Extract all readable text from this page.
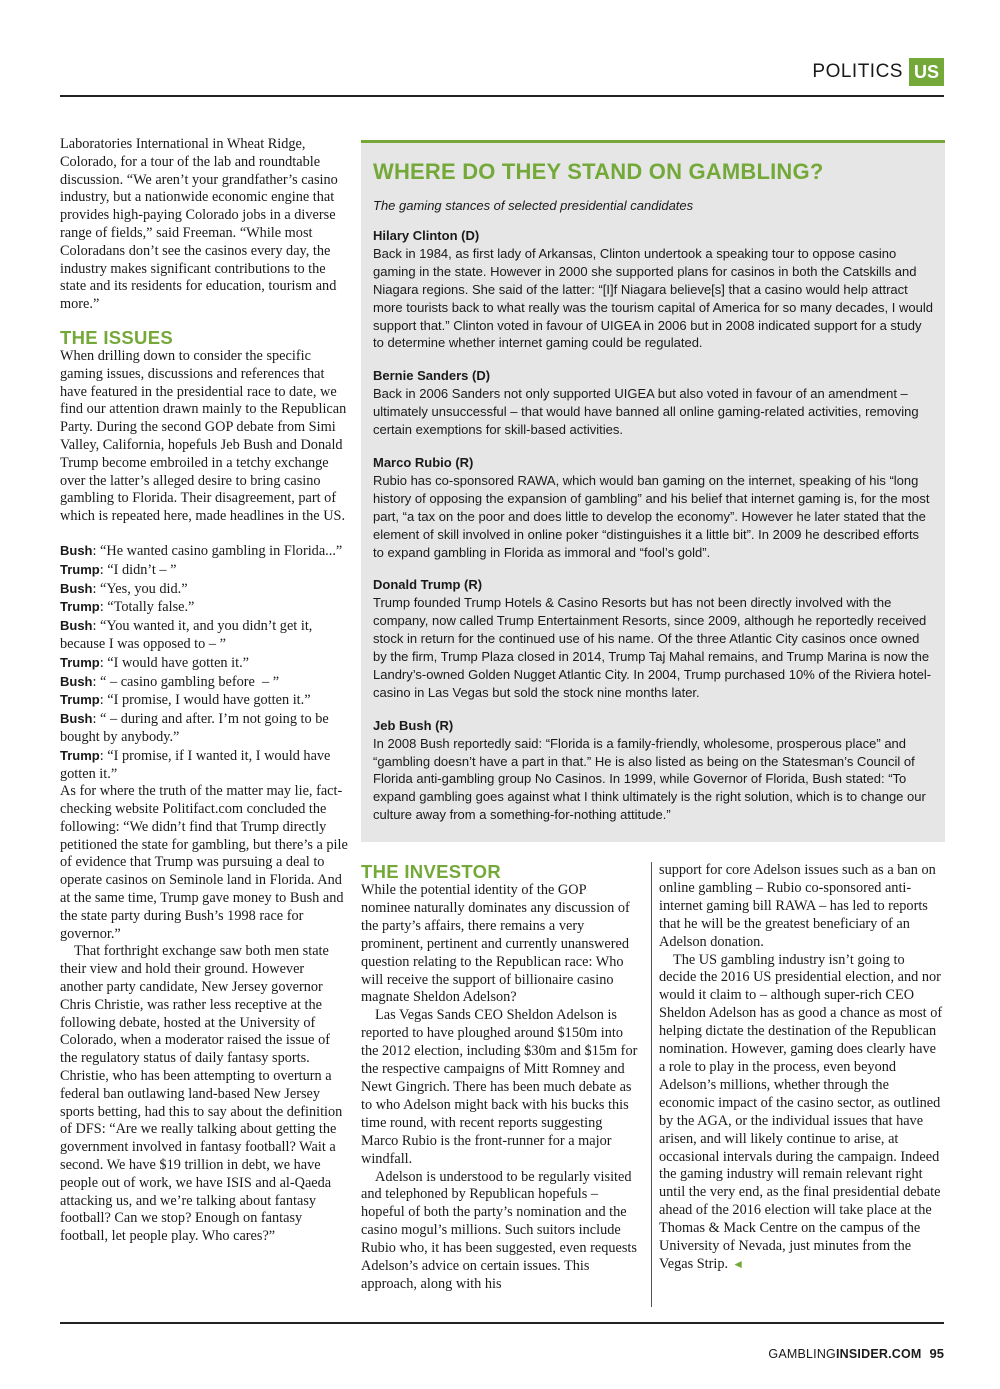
POLITICS US

Laboratories International in Wheat Ridge, Colorado, for a tour of the lab and roundtable discussion. “We aren’t your grandfather’s casino industry, but a nationwide economic engine that provides high-paying Colorado jobs in a diverse range of fields,” said Freeman. “While most Coloradans don’t see the casinos every day, the industry makes significant contributions to the state and its residents for education, tourism and more.”

THE ISSUES

When drilling down to consider the specific gaming issues, discussions and references that have featured in the presidential race to date, we find our attention drawn mainly to the Republican Party. During the second GOP debate from Simi Valley, California, hopefuls Jeb Bush and Donald Trump become embroiled in a tetchy exchange over the latter’s alleged desire to bring casino gambling to Florida. Their disagreement, part of which is repeated here, made headlines in the US.

Bush: “He wanted casino gambling in Florida...”
Trump: “I didn’t – ”
Bush: “Yes, you did.”
Trump: “Totally false.”
Bush: “You wanted it, and you didn’t get it, because I was opposed to – ”
Trump: “I would have gotten it.”
Bush: “ – casino gambling before  – ”
Trump: “I promise, I would have gotten it.”
Bush: “ – during and after. I’m not going to be bought by anybody.”
Trump: “I promise, if I wanted it, I would have gotten it.”

As for where the truth of the matter may lie, fact-checking website Politifact.com concluded the following: “We didn’t find that Trump directly petitioned the state for gambling, but there’s a pile of evidence that Trump was pursuing a deal to operate casinos on Seminole land in Florida. And at the same time, Trump gave money to Bush and the state party during Bush’s 1998 race for governor.”

That forthright exchange saw both men state their view and hold their ground. However another party candidate, New Jersey governor Chris Christie, was rather less receptive at the following debate, hosted at the University of Colorado, when a moderator raised the issue of the regulatory status of daily fantasy sports. Christie, who has been attempting to overturn a federal ban outlawing land-based New Jersey sports betting, had this to say about the definition of DFS: “Are we really talking about getting the government involved in fantasy football? Wait a second. We have $19 trillion in debt, we have people out of work, we have ISIS and al-Qaeda attacking us, and we’re talking about fantasy football? Can we stop? Enough on fantasy football, let people play. Who cares?”

WHERE DO THEY STAND ON GAMBLING?

The gaming stances of selected presidential candidates

Hilary Clinton (D)

Back in 1984, as first lady of Arkansas, Clinton undertook a speaking tour to oppose casino gaming in the state. However in 2000 she supported plans for casinos in both the Catskills and Niagara regions. She said of the latter: “[I]f Niagara believe[s] that a casino would help attract more tourists back to what really was the tourism capital of America for so many decades, I would support that.” Clinton voted in favour of UIGEA in 2006 but in 2008 indicated support for a study to determine whether internet gaming could be regulated.

Bernie Sanders (D)

Back in 2006 Sanders not only supported UIGEA but also voted in favour of an amendment – ultimately unsuccessful – that would have banned all online gaming-related activities, removing certain exemptions for skill-based activities.

Marco Rubio (R)

Rubio has co-sponsored RAWA, which would ban gaming on the internet, speaking of his “long history of opposing the expansion of gambling” and his belief that internet gaming is, for the most part, “a tax on the poor and does little to develop the economy”. However he later stated that the element of skill involved in online poker “distinguishes it a little bit”. In 2009 he described efforts to expand gambling in Florida as immoral and “fool’s gold”.

Donald Trump (R)

Trump founded Trump Hotels & Casino Resorts but has not been directly involved with the company, now called Trump Entertainment Resorts, since 2009, although he reportedly received stock in return for the continued use of his name. Of the three Atlantic City casinos once owned by the firm, Trump Plaza closed in 2014, Trump Taj Mahal remains, and Trump Marina is now the Landry’s-owned Golden Nugget Atlantic City. In 2004, Trump purchased 10% of the Riviera hotel-casino in Las Vegas but sold the stock nine months later.

Jeb Bush (R)

In 2008 Bush reportedly said: “Florida is a family-friendly, wholesome, prosperous place” and “gambling doesn’t have a part in that.” He is also listed as being on the Statesman’s Council of Florida anti-gambling group No Casinos. In 1999, while Governor of Florida, Bush stated: “To expand gambling goes against what I think ultimately is the right solution, which is to change our culture away from a something-for-nothing attitude.”

THE INVESTOR

While the potential identity of the GOP nominee naturally dominates any discussion of the party’s affairs, there remains a very prominent, pertinent and currently unanswered question relating to the Republican race: Who will receive the support of billionaire casino magnate Sheldon Adelson?

Las Vegas Sands CEO Sheldon Adelson is reported to have ploughed around $150m into the 2012 election, including $30m and $15m for the respective campaigns of Mitt Romney and Newt Gingrich. There has been much debate as to who Adelson might back with his bucks this time round, with recent reports suggesting Marco Rubio is the front-runner for a major windfall.

Adelson is understood to be regularly visited and telephoned by Republican hopefuls – hopeful of both the party’s nomination and the casino mogul’s millions. Such suitors include Rubio who, it has been suggested, even requests Adelson’s advice on certain issues. This approach, along with his

support for core Adelson issues such as a ban on online gambling – Rubio co-sponsored anti-internet gaming bill RAWA – has led to reports that he will be the greatest beneficiary of an Adelson donation.

The US gambling industry isn’t going to decide the 2016 US presidential election, and nor would it claim to – although super-rich CEO Sheldon Adelson has as good a chance as most of helping dictate the destination of the Republican nomination. However, gaming does clearly have a role to play in the process, even beyond Adelson’s millions, whether through the economic impact of the casino sector, as outlined by the AGA, or the individual issues that have arisen, and will likely continue to arise, at occasional intervals during the campaign. Indeed the gaming industry will remain relevant right until the very end, as the final presidential debate ahead of the 2016 election will take place at the Thomas & Mack Centre on the campus of the University of Nevada, just minutes from the Vegas Strip. ◄

GAMBLING INSIDER.COM 95
